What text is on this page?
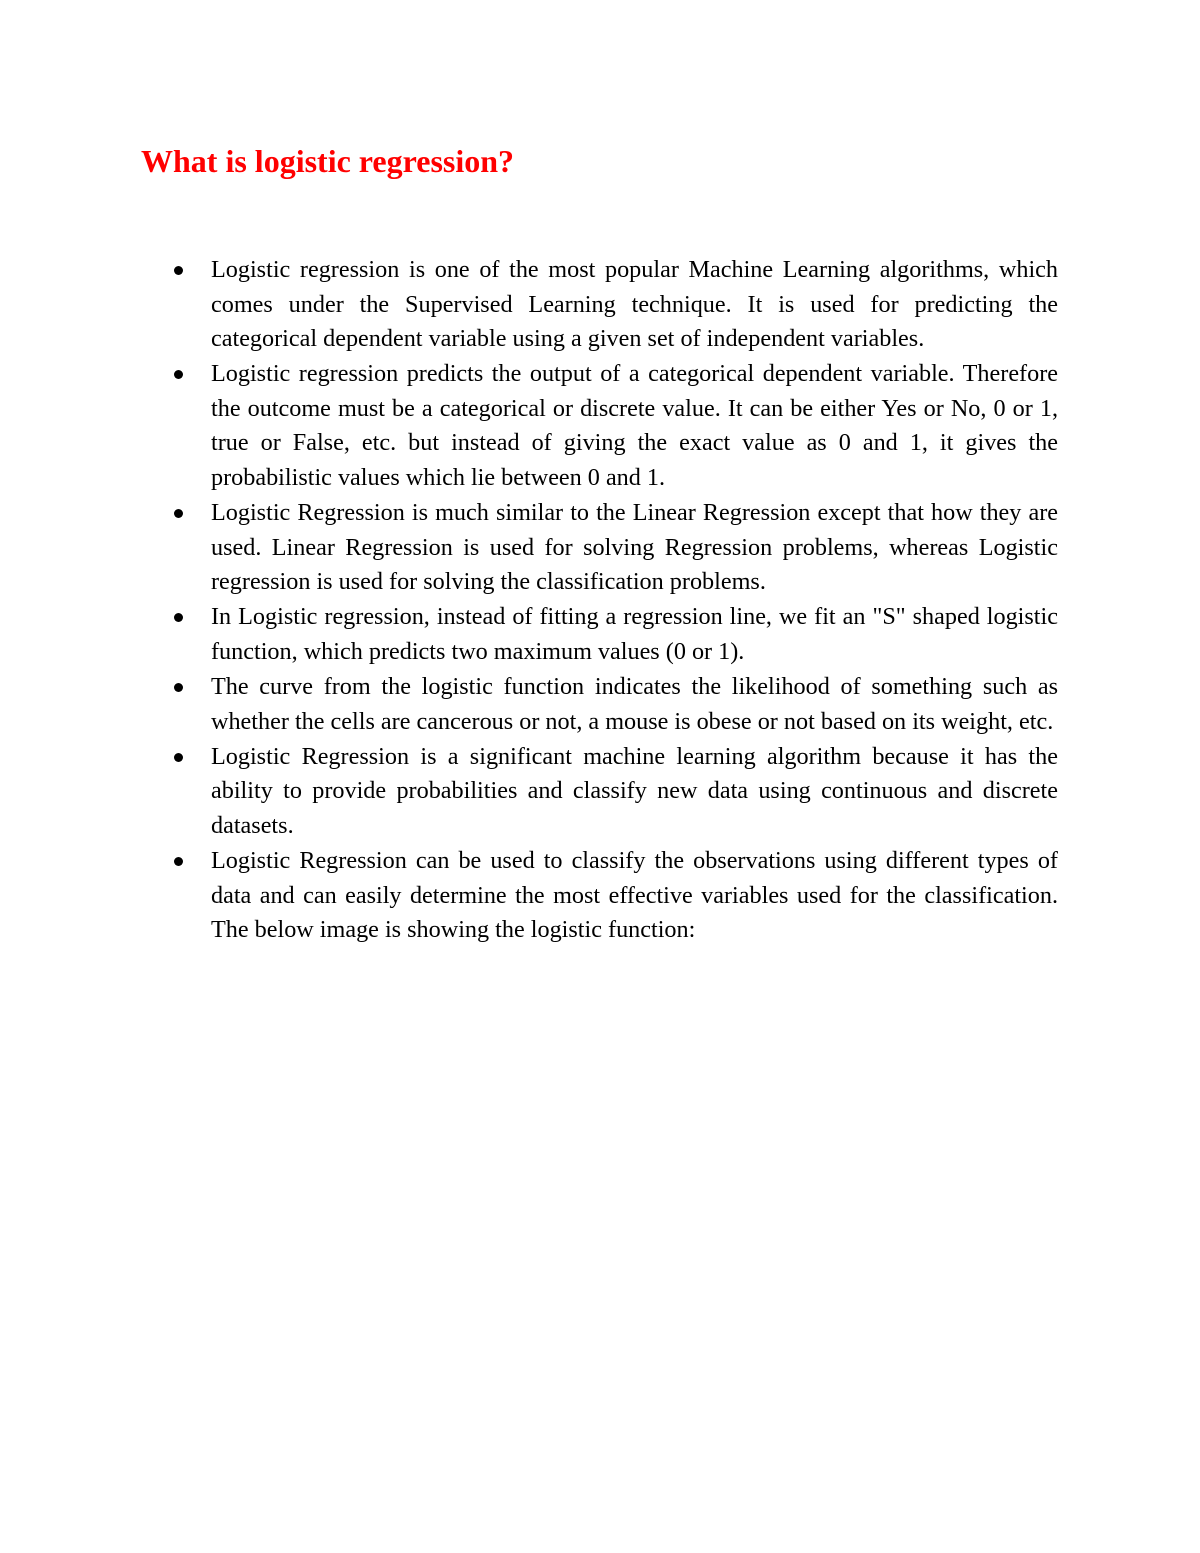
What is logistic regression?
Logistic regression is one of the most popular Machine Learning algorithms, which comes under the Supervised Learning technique. It is used for predicting the categorical dependent variable using a given set of independent variables.
Logistic regression predicts the output of a categorical dependent variable. Therefore the outcome must be a categorical or discrete value. It can be either Yes or No, 0 or 1, true or False, etc. but instead of giving the exact value as 0 and 1, it gives the probabilistic values which lie between 0 and 1.
Logistic Regression is much similar to the Linear Regression except that how they are used. Linear Regression is used for solving Regression problems, whereas Logistic regression is used for solving the classification problems.
In Logistic regression, instead of fitting a regression line, we fit an "S" shaped logistic function, which predicts two maximum values (0 or 1).
The curve from the logistic function indicates the likelihood of something such as whether the cells are cancerous or not, a mouse is obese or not based on its weight, etc.
Logistic Regression is a significant machine learning algorithm because it has the ability to provide probabilities and classify new data using continuous and discrete datasets.
Logistic Regression can be used to classify the observations using different types of data and can easily determine the most effective variables used for the classification. The below image is showing the logistic function:
